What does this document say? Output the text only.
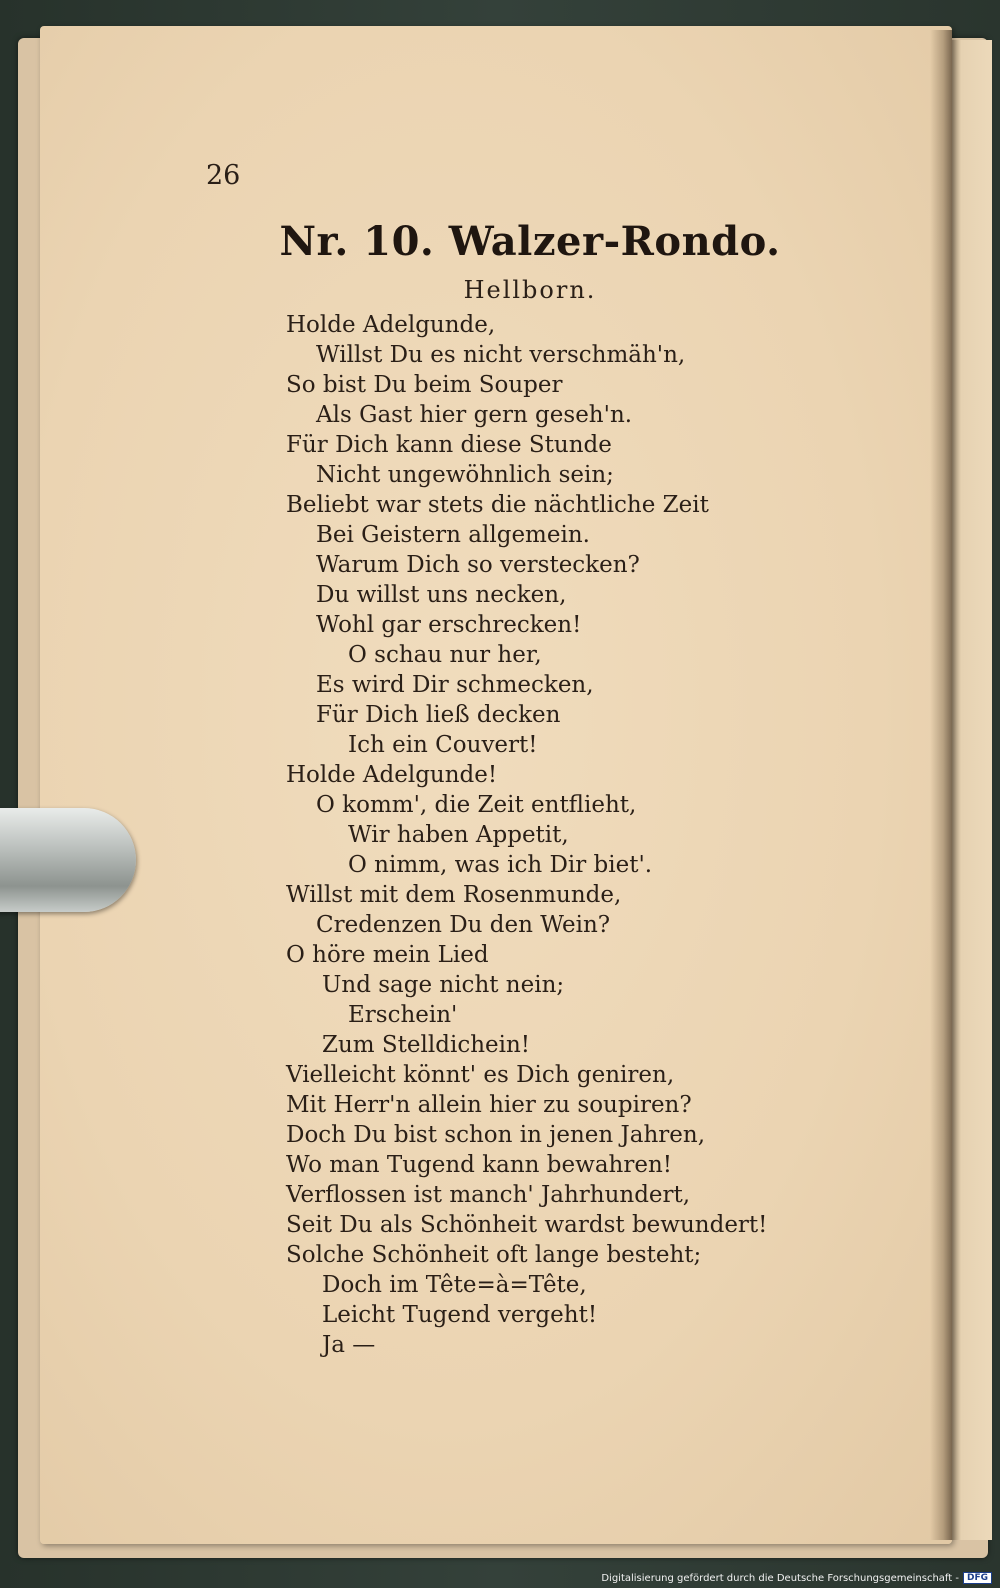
26
Nr. 10. Walzer-Rondo.
Hellborn.
Holde Adelgunde,
Willst Du es nicht verschmäh'n,
So bist Du beim Souper
Als Gast hier gern geseh'n.
Für Dich kann diese Stunde
Nicht ungewöhnlich sein;
Beliebt war stets die nächtliche Zeit
Bei Geistern allgemein.
Warum Dich so verstecken?
Du willst uns necken,
Wohl gar erschrecken!
O schau nur her,
Es wird Dir schmecken,
Für Dich ließ decken
Ich ein Couvert!
Holde Adelgunde!
O komm', die Zeit entflieht,
Wir haben Appetit,
O nimm, was ich Dir biet'.
Willst mit dem Rosenmunde,
Credenzen Du den Wein?
O höre mein Lied
Und sage nicht nein;
Erschein'
Zum Stelldichein!
Vielleicht könnt' es Dich geniren,
Mit Herr'n allein hier zu soupiren?
Doch Du bist schon in jenen Jahren,
Wo man Tugend kann bewahren!
Verflossen ist manch' Jahrhundert,
Seit Du als Schönheit wardst bewundert!
Solche Schönheit oft lange besteht;
Doch im Tête=à=Tête,
Leicht Tugend vergeht!
Ja —
Digitalisierung gefördert durch die Deutsche Forschungsgemeinschaft - DFG
